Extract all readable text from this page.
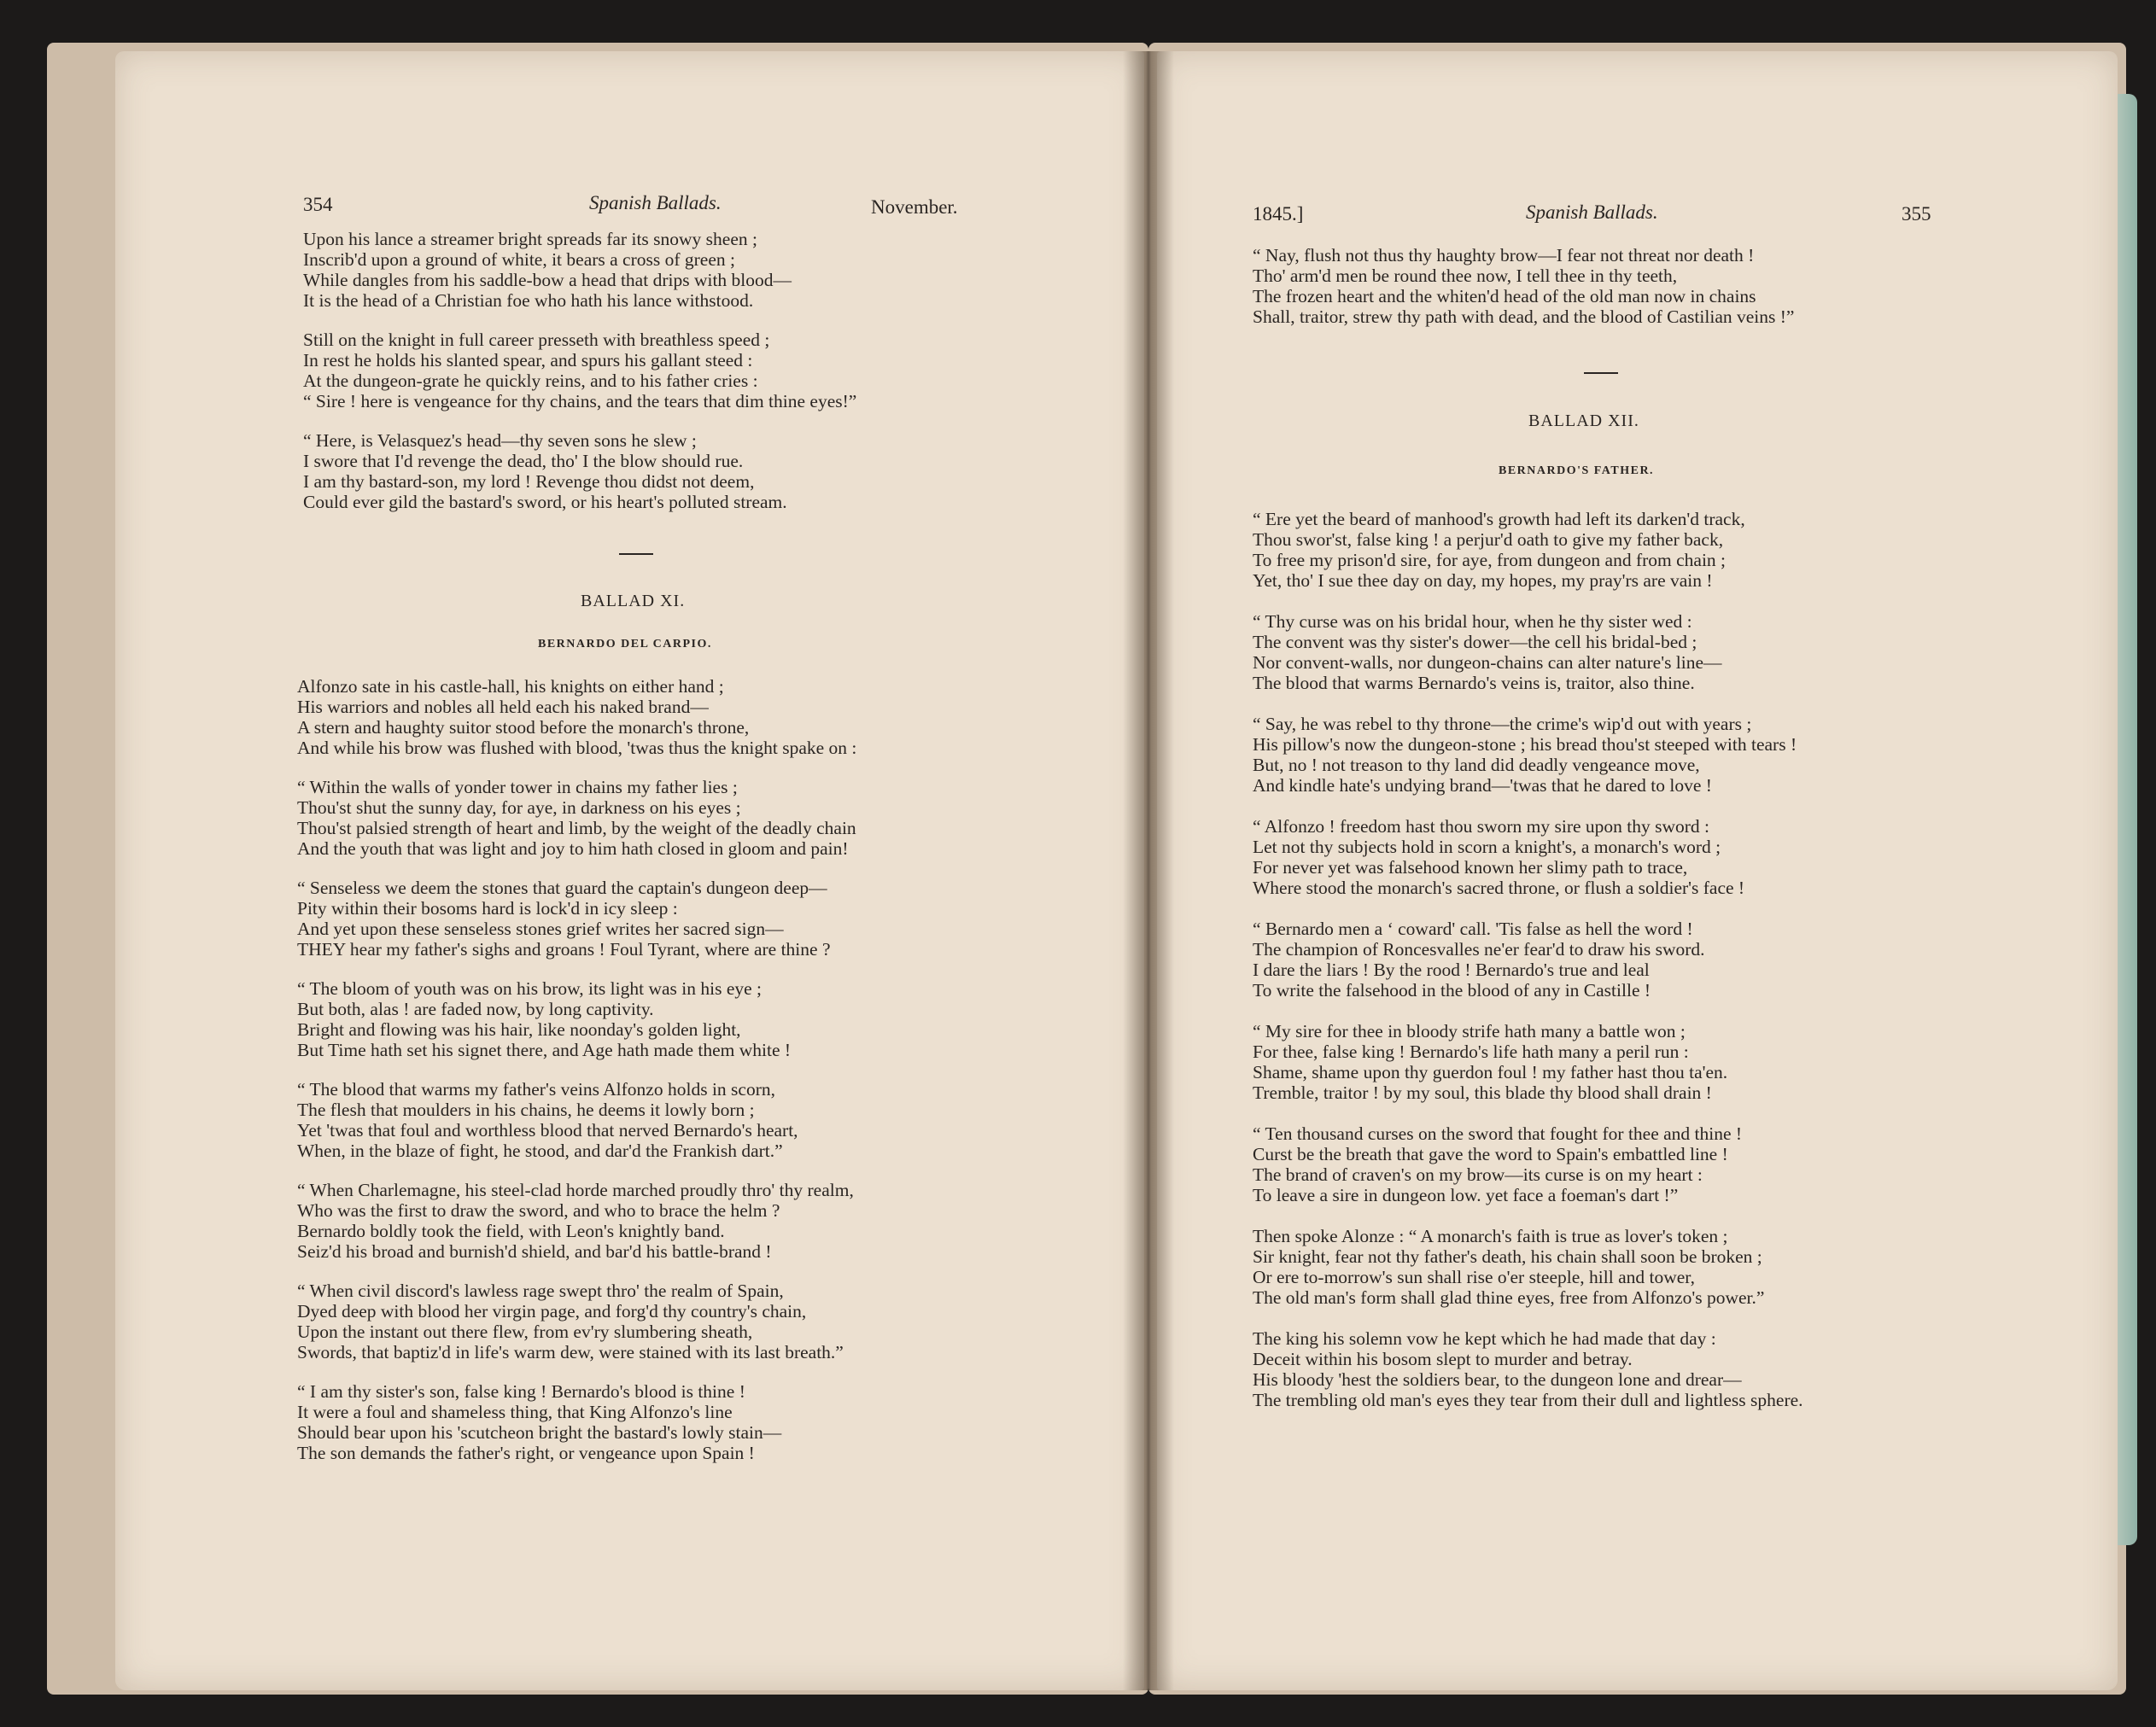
354	Spanish Ballads.	November.
Upon his lance a streamer bright spreads far its snowy sheen ;
Inscrib'd upon a ground of white, it bears a cross of green ;
While dangles from his saddle-bow a head that drips with blood—
It is the head of a Christian foe who hath his lance withstood.
Still on the knight in full career presseth with breathless speed ;
In rest he holds his slanted spear, and spurs his gallant steed :
At the dungeon-grate he quickly reins, and to his father cries :
“ Sire ! here is vengeance for thy chains, and the tears that dim thine eyes!”
“ Here, is Velasquez's head—thy seven sons he slew ;
I swore that I'd revenge the dead, tho' I the blow should rue.
I am thy bastard-son, my lord ! Revenge thou didst not deem,
Could ever gild the bastard's sword, or his heart's polluted stream.
BALLAD XI.
BERNARDO DEL CARPIO.
Alfonzo sate in his castle-hall, his knights on either hand ;
His warriors and nobles all held each his naked brand—
A stern and haughty suitor stood before the monarch's throne,
And while his brow was flushed with blood, 'twas thus the knight spake on :
“ Within the walls of yonder tower in chains my father lies ;
Thou'st shut the sunny day, for aye, in darkness on his eyes ;
Thou'st palsied strength of heart and limb, by the weight of the deadly chain
And the youth that was light and joy to him hath closed in gloom and pain!
“ Senseless we deem the stones that guard the captain's dungeon deep—
Pity within their bosoms hard is lock'd in icy sleep :
And yet upon these senseless stones grief writes her sacred sign—
THEY hear my father's sighs and groans ! Foul Tyrant, where are thine ?
“ The bloom of youth was on his brow, its light was in his eye ;
But both, alas ! are faded now, by long captivity.
Bright and flowing was his hair, like noonday's golden light,
But Time hath set his signet there, and Age hath made them white !
“ The blood that warms my father's veins Alfonzo holds in scorn,
The flesh that moulders in his chains, he deems it lowly born ;
Yet 'twas that foul and worthless blood that nerved Bernardo's heart,
When, in the blaze of fight, he stood, and dar'd the Frankish dart.”
“ When Charlemagne, his steel-clad horde marched proudly thro' thy realm,
Who was the first to draw the sword, and who to brace the helm ?
Bernardo boldly took the field, with Leon's knightly band.
Seiz'd his broad and burnish'd shield, and bar'd his battle-brand !
“ When civil discord's lawless rage swept thro' the realm of Spain,
Dyed deep with blood her virgin page, and forg'd thy country's chain,
Upon the instant out there flew, from ev'ry slumbering sheath,
Swords, that baptiz'd in life's warm dew, were stained with its last breath.”
“ I am thy sister's son, false king ! Bernardo's blood is thine !
It were a foul and shameless thing, that King Alfonzo's line
Should bear upon his 'scutcheon bright the bastard's lowly stain—
The son demands the father's right, or vengeance upon Spain !
1845.]	Spanish Ballads.	355
“ Nay, flush not thus thy haughty brow—I fear not threat nor death !
Tho' arm'd men be round thee now, I tell thee in thy teeth,
The frozen heart and the whiten'd head of the old man now in chains
Shall, traitor, strew thy path with dead, and the blood of Castilian veins !”
BALLAD XII.
BERNARDO'S FATHER.
“ Ere yet the beard of manhood's growth had left its darken'd track,
Thou swor'st, false king ! a perjur'd oath to give my father back,
To free my prison'd sire, for aye, from dungeon and from chain ;
Yet, tho' I sue thee day on day, my hopes, my pray'rs are vain !
“ Thy curse was on his bridal hour, when he thy sister wed :
The convent was thy sister's dower—the cell his bridal-bed ;
Nor convent-walls, nor dungeon-chains can alter nature's line—
The blood that warms Bernardo's veins is, traitor, also thine.
“ Say, he was rebel to thy throne—the crime's wip'd out with years ;
His pillow's now the dungeon-stone ; his bread thou'st steeped with tears !
But, no ! not treason to thy land did deadly vengeance move,
And kindle hate's undying brand—'twas that he dared to love !
“ Alfonzo ! freedom hast thou sworn my sire upon thy sword :
Let not thy subjects hold in scorn a knight's, a monarch's word ;
For never yet was falsehood known her slimy path to trace,
Where stood the monarch's sacred throne, or flush a soldier's face !
“ Bernardo men a ‘ coward' call. 'Tis false as hell the word !
The champion of Roncesvalles ne'er fear'd to draw his sword.
I dare the liars ! By the rood ! Bernardo's true and leal
To write the falsehood in the blood of any in Castille !
“ My sire for thee in bloody strife hath many a battle won ;
For thee, false king ! Bernardo's life hath many a peril run :
Shame, shame upon thy guerdon foul ! my father hast thou ta'en.
Tremble, traitor ! by my soul, this blade thy blood shall drain !
“ Ten thousand curses on the sword that fought for thee and thine !
Curst be the breath that gave the word to Spain's embattled line !
The brand of craven's on my brow—its curse is on my heart :
To leave a sire in dungeon low. yet face a foeman's dart !”
Then spoke Alonze : “ A monarch's faith is true as lover's token ;
Sir knight, fear not thy father's death, his chain shall soon be broken ;
Or ere to-morrow's sun shall rise o'er steeple, hill and tower,
The old man's form shall glad thine eyes, free from Alfonzo's power.”
The king his solemn vow he kept which he had made that day :
Deceit within his bosom slept to murder and betray.
His bloody 'hest the soldiers bear, to the dungeon lone and drear—
The trembling old man's eyes they tear from their dull and lightless sphere.
